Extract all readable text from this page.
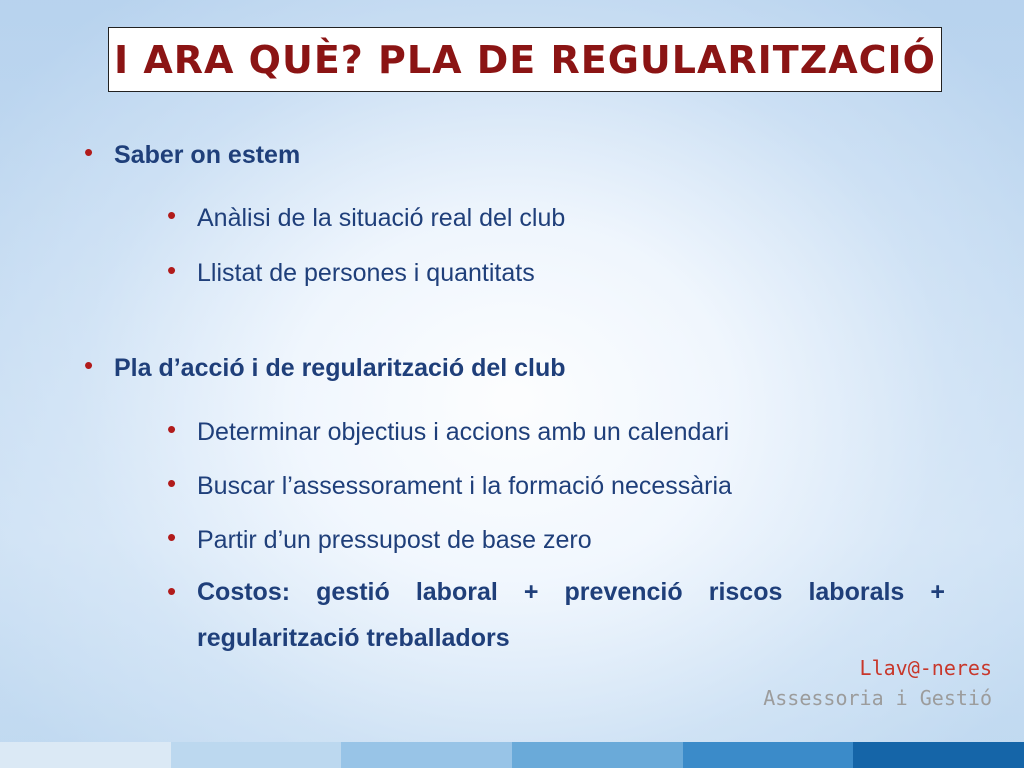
I ARA QUÈ? PLA DE REGULARITZACIÓ
• Saber on estem
• Anàlisi de la situació real del club
• Llistat de persones i quantitats
• Pla d’acció i de regularització del club
• Determinar objectius i accions amb un calendari
• Buscar l’assessorament i la formació necessària
• Partir d’un pressupost de base zero
• Costos: gestió laboral + prevenció riscos laborals + regularització treballadors
Llav@-neres
Assessoria i Gestió
